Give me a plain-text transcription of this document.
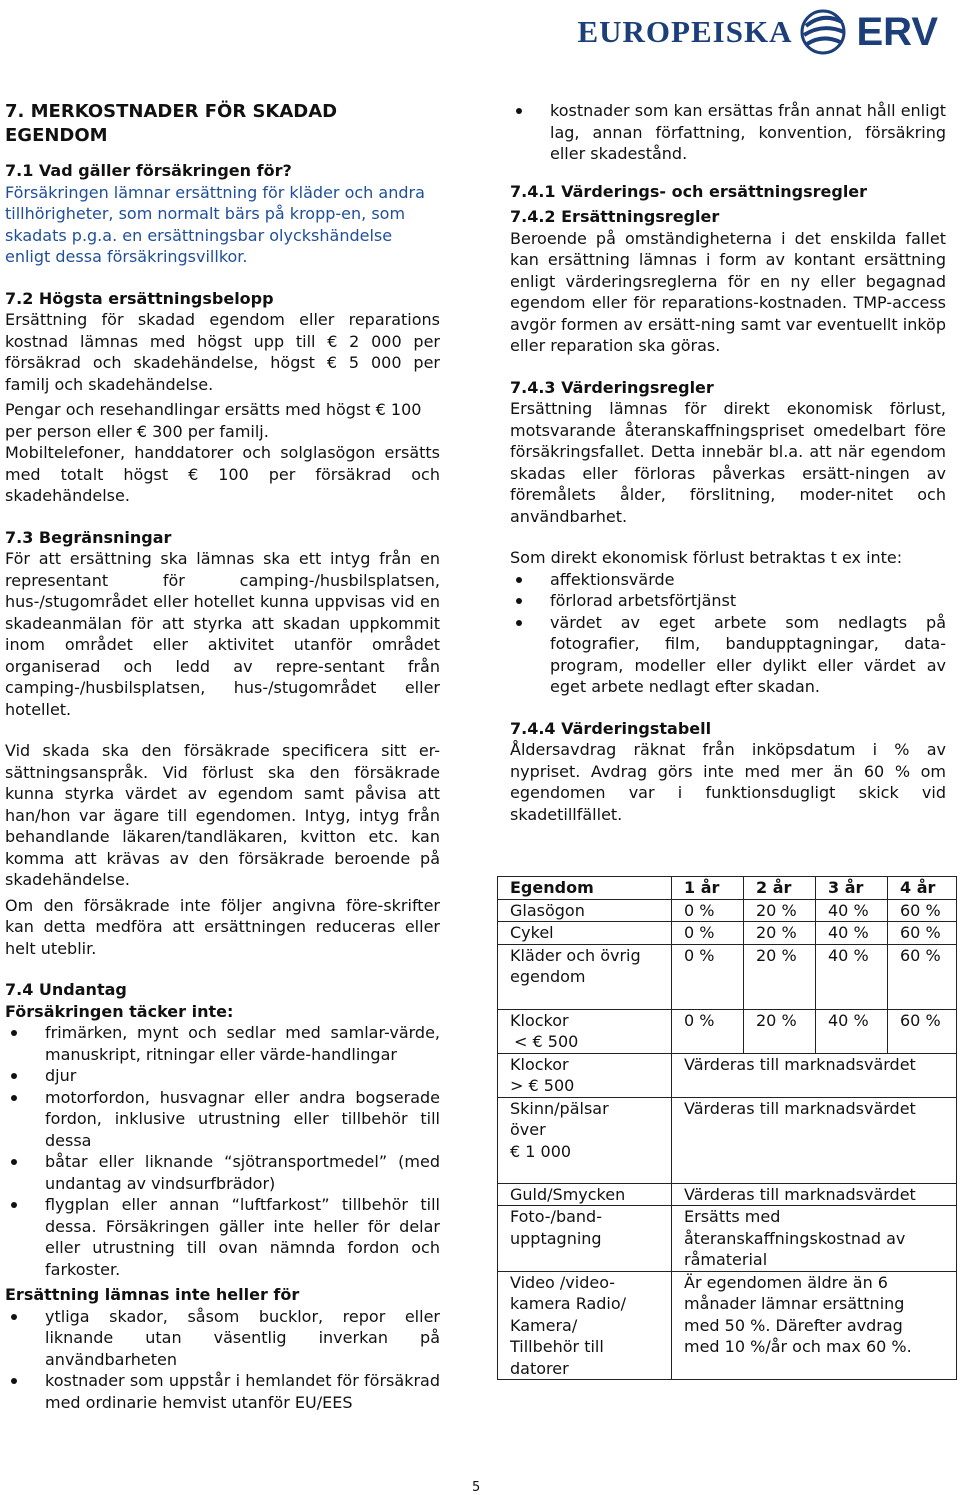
EUROPEISKA ERV

7. MERKOSTNADER FÖR SKADAD EGENDOM

7.1 Vad gäller försäkringen för?

Försäkringen lämnar ersättning för kläder och andra tillhörigheter, som normalt bärs på kropp-en, som skadats p.g.a. en ersättningsbar olyckshändelse enligt dessa försäkringsvillkor.

7.2 Högsta ersättningsbelopp

Ersättning för skadad egendom eller reparations kostnad lämnas med högst upp till € 2 000 per försäkrad och skadehändelse, högst € 5 000 per familj och skadehändelse.

Pengar och resehandlingar ersätts med högst € 100 per person eller € 300 per familj.

Mobiltelefoner, handdatorer och solglasögon ersätts med totalt högst € 100 per försäkrad och skadehändelse.

7.3 Begränsningar

För att ersättning ska lämnas ska ett intyg från en representant för camping-/husbilsplatsen, hus-/stugområdet eller hotellet kunna uppvisas vid en skadeanmälan för att styrka att skadan uppkommit inom området eller aktivitet utanför området organiserad och ledd av repre-sentant från camping-/husbilsplatsen, hus-/stugområdet eller hotellet.

Vid skada ska den försäkrade specificera sitt er-sättningsanspråk. Vid förlust ska den försäkrade kunna styrka värdet av egendom samt påvisa att han/hon var ägare till egendomen. Intyg, intyg från behandlande läkaren/tandläkaren, kvitton etc. kan komma att krävas av den försäkrade beroende på skadehändelse.

Om den försäkrade inte följer angivna före-skrifter kan detta medföra att ersättningen reduceras eller helt uteblir.

7.4 Undantag

Försäkringen täcker inte:

frimärken, mynt och sedlar med samlar-värde, manuskript, ritningar eller värde-handlingar
djur
motorfordon, husvagnar eller andra bogserade fordon, inklusive utrustning eller tillbehör till dessa
båtar eller liknande “sjötransportmedel” (med undantag av vindsurfbrädor)
flygplan eller annan “luftfarkost” tillbehör till dessa. Försäkringen gäller inte heller för delar eller utrustning till ovan nämnda fordon och farkoster.

Ersättning lämnas inte heller för

ytliga skador, såsom bucklor, repor eller liknande utan väsentlig inverkan på användbarheten
kostnader som uppstår i hemlandet för försäkrad med ordinarie hemvist utanför EU/EES
kostnader som kan ersättas från annat håll enligt lag, annan författning, konvention, försäkring eller skadestånd.

7.4.1 Värderings- och ersättningsregler

7.4.2 Ersättningsregler

Beroende på omständigheterna i det enskilda fallet kan ersättning lämnas i form av kontant ersättning enligt värderingsreglerna för en ny eller begagnad egendom eller för reparations-kostnaden. TMP-access avgör formen av ersätt-ning samt var eventuellt inköp eller reparation ska göras.

7.4.3 Värderingsregler

Ersättning lämnas för direkt ekonomisk förlust, motsvarande återanskaffningspriset omedelbart före försäkringsfallet. Detta innebär bl.a. att när egendom skadas eller förloras påverkas ersätt-ningen av föremålets ålder, förslitning, moder-nitet och användbarhet.

Som direkt ekonomisk förlust betraktas t ex inte:

affektionsvärde
förlorad arbetsförtjänst
värdet av eget arbete som nedlagts på fotografier, film, bandupptagningar, data-program, modeller eller dylikt eller värdet av eget arbete nedlagt efter skadan.

7.4.4 Värderingstabell

Åldersavdrag räknat från inköpsdatum i % av nypriset. Avdrag görs inte med mer än 60 % om egendomen var i funktionsdugligt skick vid skadetillfället.

Egendom	1 år	2 år	3 år	4 år
Glasögon	0 %	20 %	40 %	60 %
Cykel	0 %	20 %	40 %	60 %
Kläder och övrig egendom	0 %	20 %	40 %	60 %

Klockor
< € 500	0 %	20 %	40 %	60 %

Klockor
> € 500	Värderas till marknadsvärdet			

Skinn/pälsar över
€ 1 000	Värderas till marknadsvärdet			
Guld/Smycken	Värderas till marknadsvärdet			
Foto-/band-upptagning	Ersätts med återanskaffningskostnad av råmaterial			
Video /video-kamera Radio/ Kamera/ Tillbehör till datorer	Är egendomen äldre än 6 månader lämnar ersättning med 50 %. Därefter avdrag med 10 %/år och max 60 %.			
5
